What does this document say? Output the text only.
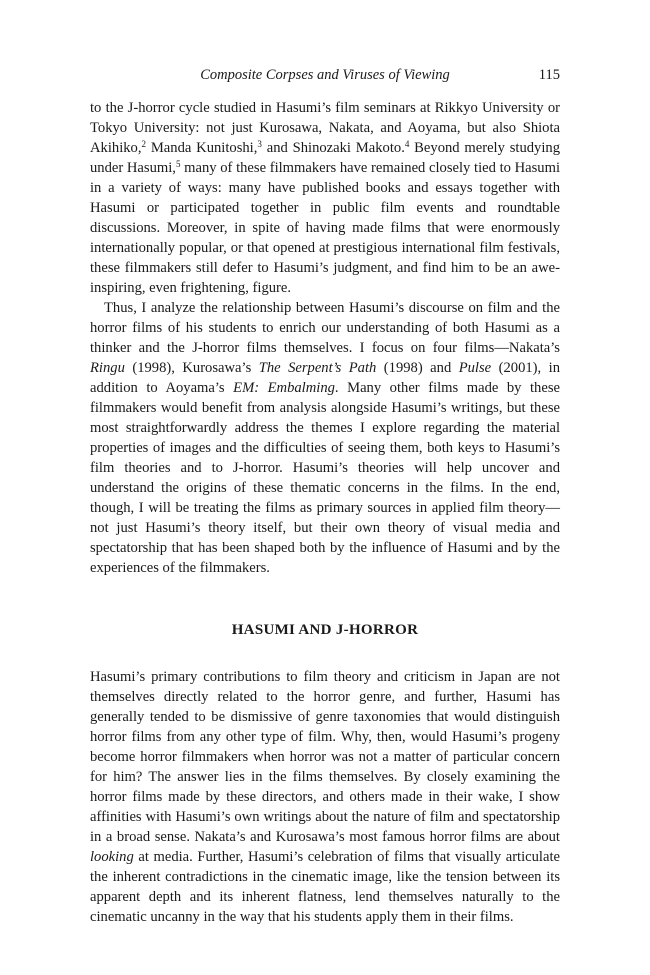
Composite Corpses and Viruses of Viewing	115

to the J-horror cycle studied in Hasumi’s film seminars at Rikkyo University or Tokyo University: not just Kurosawa, Nakata, and Aoyama, but also Shiota Akihiko,$^2$ Manda Kunitoshi,$^3$ and Shinozaki Makoto.$^4$ Beyond merely studying under Hasumi,$^5$ many of these filmmakers have remained closely tied to Hasumi in a variety of ways: many have published books and essays together with Hasumi or participated together in public film events and roundtable discussions. Moreover, in spite of having made films that were enormously internationally popular, or that opened at prestigious international film festivals, these filmmakers still defer to Hasumi’s judgment, and find him to be an awe-inspiring, even frightening, figure.

Thus, I analyze the relationship between Hasumi’s discourse on film and the horror films of his students to enrich our understanding of both Hasumi as a thinker and the J-horror films themselves. I focus on four films—Nakata’s Ringu (1998), Kurosawa’s The Serpent’s Path (1998) and Pulse (2001), in addition to Aoyama’s EM: Embalming. Many other films made by these filmmakers would benefit from analysis alongside Hasumi’s writings, but these most straightforwardly address the themes I explore regarding the material properties of images and the difficulties of seeing them, both keys to Hasumi’s film theories and to J-horror. Hasumi’s theories will help uncover and understand the origins of these thematic concerns in the films. In the end, though, I will be treating the films as primary sources in applied film theory—not just Hasumi’s theory itself, but their own theory of visual media and spectatorship that has been shaped both by the influence of Hasumi and by the experiences of the filmmakers.

HASUMI AND J-HORROR

Hasumi’s primary contributions to film theory and criticism in Japan are not themselves directly related to the horror genre, and further, Hasumi has generally tended to be dismissive of genre taxonomies that would distinguish horror films from any other type of film. Why, then, would Hasumi’s progeny become horror filmmakers when horror was not a matter of particular concern for him? The answer lies in the films themselves. By closely examining the horror films made by these directors, and others made in their wake, I show affinities with Hasumi’s own writings about the nature of film and spectatorship in a broad sense. Nakata’s and Kurosawa’s most famous horror films are about looking at media. Further, Hasumi’s celebration of films that visually articulate the inherent contradictions in the cinematic image, like the tension between its apparent depth and its inherent flatness, lend themselves naturally to the cinematic uncanny in the way that his students apply them in their films.
